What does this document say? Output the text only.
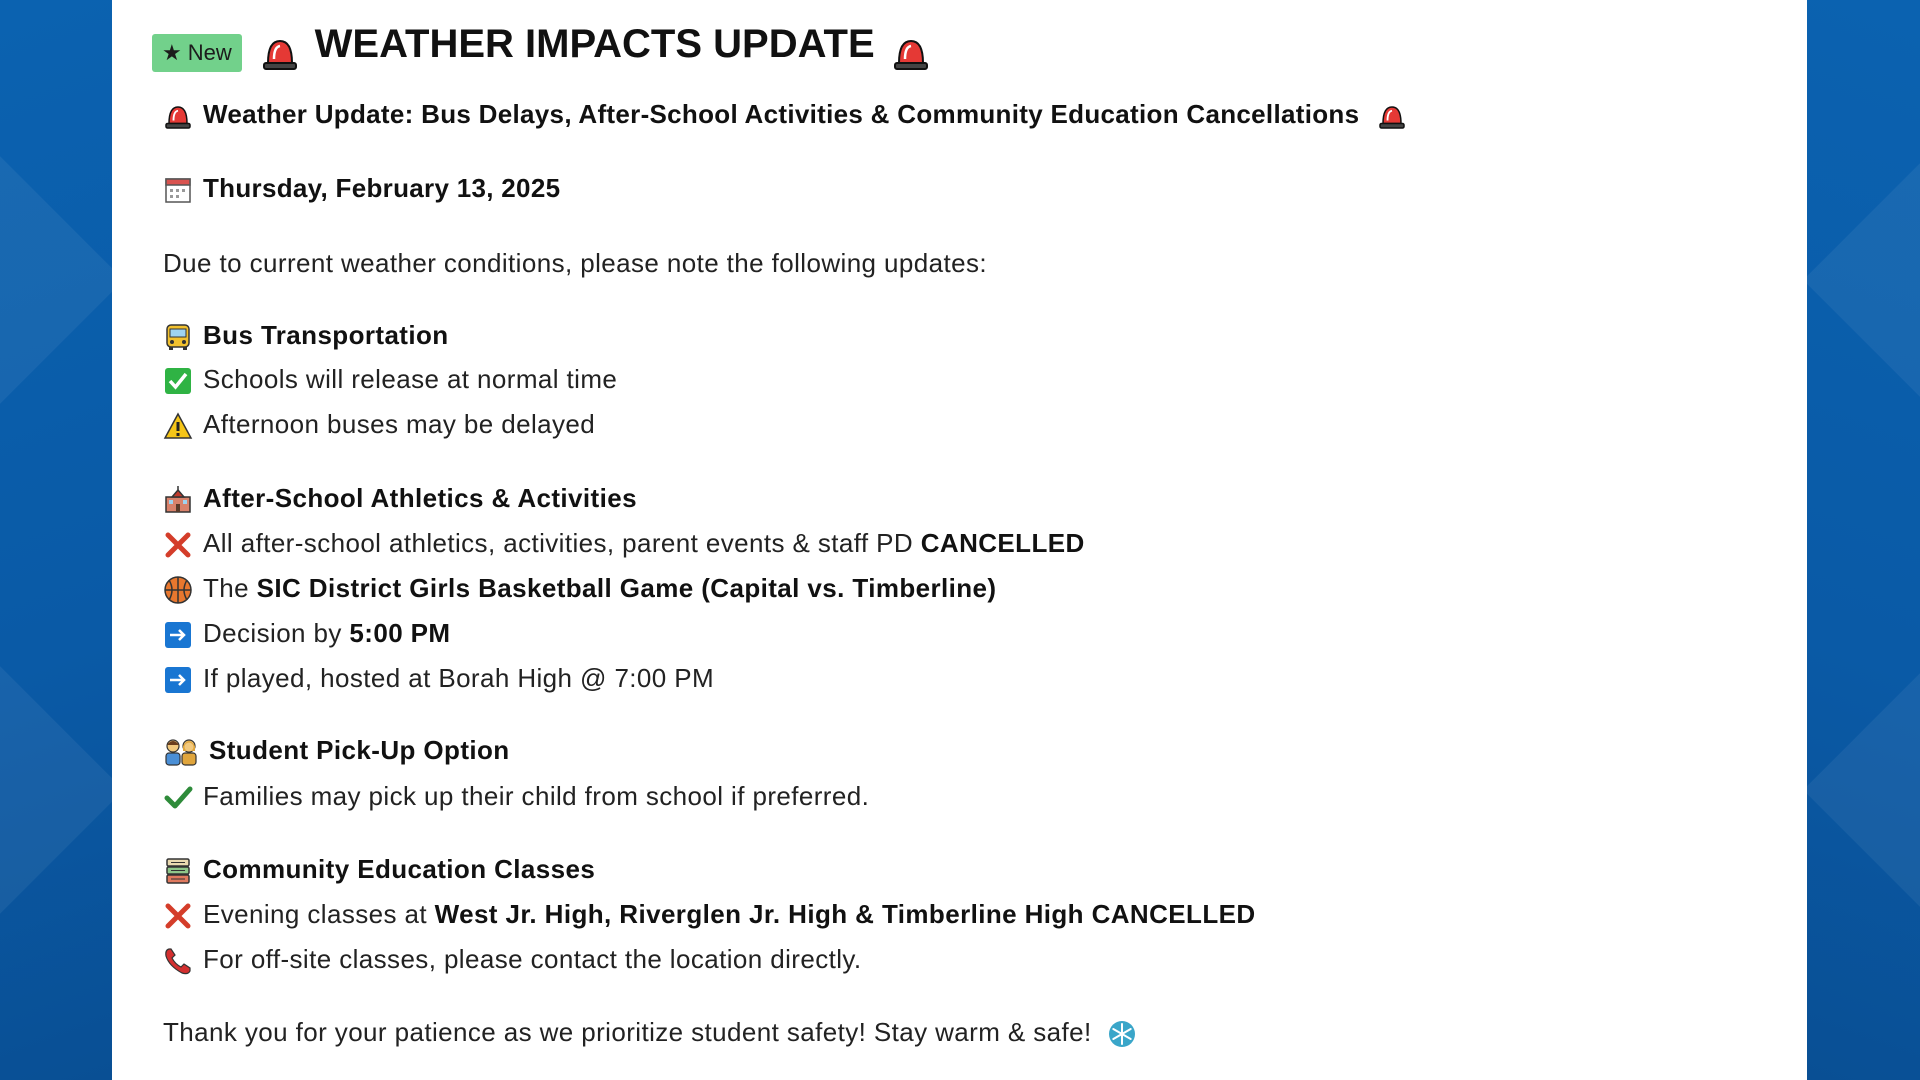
★ New WEATHER IMPACTS UPDATE
Weather Update: Bus Delays, After-School Activities & Community Education Cancellations
Thursday, February 13, 2025
Due to current weather conditions, please note the following updates:
Bus Transportation
Schools will release at normal time
Afternoon buses may be delayed
After-School Athletics & Activities
All after-school athletics, activities, parent events & staff PD CANCELLED
The SIC District Girls Basketball Game (Capital vs. Timberline)
Decision by 5:00 PM
If played, hosted at Borah High @ 7:00 PM
Student Pick-Up Option
Families may pick up their child from school if preferred.
Community Education Classes
Evening classes at West Jr. High, Riverglen Jr. High & Timberline High CANCELLED
For off-site classes, please contact the location directly.
Thank you for your patience as we prioritize student safety! Stay warm & safe!
